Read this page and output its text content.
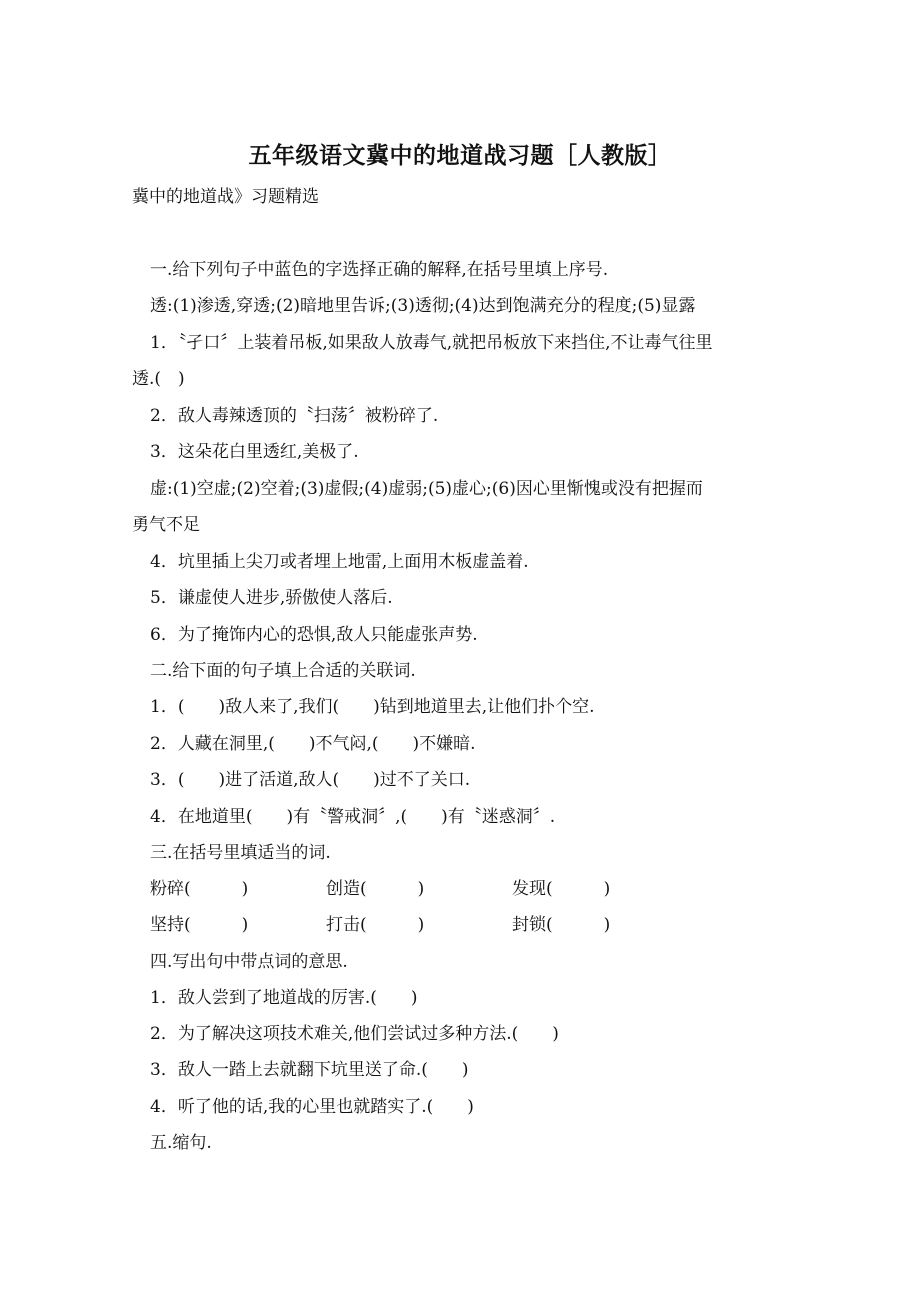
五年级语文冀中的地道战习题［人教版］
冀中的地道战》习题精选
一.给下列句子中蓝色的字选择正确的解释,在括号里填上序号.
透:(1)渗透,穿透;(2)暗地里告诉;(3)透彻;(4)达到饱满充分的程度;(5)显露
1．〝孑口〞上装着吊板,如果敌人放毒气,就把吊板放下来挡住,不让毒气往里
透.(　)
2．敌人毒辣透顶的〝扫荡〞被粉碎了.
3．这朵花白里透红,美极了.
虚:(1)空虚;(2)空着;(3)虚假;(4)虚弱;(5)虚心;(6)因心里惭愧或没有把握而
勇气不足
4．坑里插上尖刀或者埋上地雷,上面用木板虚盖着.
5．谦虚使人进步,骄傲使人落后.
6．为了掩饰内心的恐惧,敌人只能虚张声势.
二.给下面的句子填上合适的关联词.
1．(　　)敌人来了,我们(　　)钻到地道里去,让他们扑个空.
2．人藏在洞里,(　　)不气闷,(　　)不嫌暗.
3．(　　)进了活道,敌人(　　)过不了关口.
4．在地道里(　　)有〝警戒洞〞,(　　)有〝迷惑洞〞.
三.在括号里填适当的词.
粉碎(　　　)	创造(　　　)	发现(　　　)
坚持(　　　)	打击(　　　)	封锁(　　　)
四.写出句中带点词的意思.
1．敌人尝到了地道战的厉害.(　　)
2．为了解决这项技术难关,他们尝试过多种方法.(　　)
3．敌人一踏上去就翻下坑里送了命.(　　)
4．听了他的话,我的心里也就踏实了.(　　)
五.缩句.
